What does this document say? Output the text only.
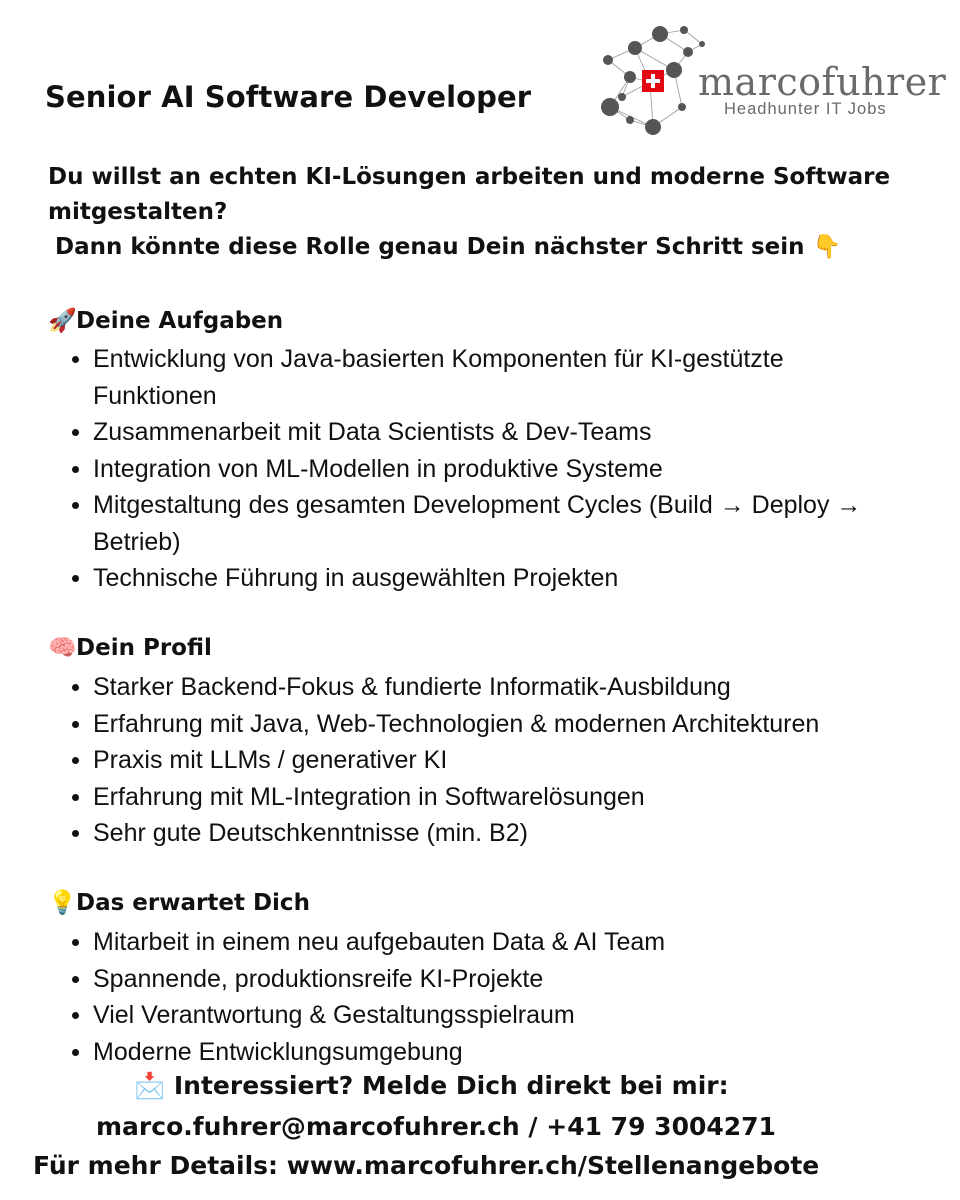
Senior AI Software Developer	marcofuhrer
Headhunter IT Jobs
Du willst an echten KI-Lösungen arbeiten und moderne Software
mitgestalten?
Dann könnte diese Rolle genau Dein nächster Schritt sein 👇
🚀Deine Aufgaben
Entwicklung von Java-basierten Komponenten für KI-gestützte Funktionen
Zusammenarbeit mit Data Scientists & Dev-Teams
Integration von ML-Modellen in produktive Systeme
Mitgestaltung des gesamten Development Cycles (Build → Deploy → Betrieb)
Technische Führung in ausgewählten Projekten
🧠Dein Profil
Starker Backend-Fokus & fundierte Informatik-Ausbildung
Erfahrung mit Java, Web-Technologien & modernen Architekturen
Praxis mit LLMs / generativer KI
Erfahrung mit ML-Integration in Softwarelösungen
Sehr gute Deutschkenntnisse (min. B2)
💡Das erwartet Dich
Mitarbeit in einem neu aufgebauten Data & AI Team
Spannende, produktionsreife KI-Projekte
Viel Verantwortung & Gestaltungsspielraum
Moderne Entwicklungsumgebung
📩 Interessiert? Melde Dich direkt bei mir:
marco.fuhrer@marcofuhrer.ch / +41 79 3004271
Für mehr Details: www.marcofuhrer.ch/Stellenangebote
